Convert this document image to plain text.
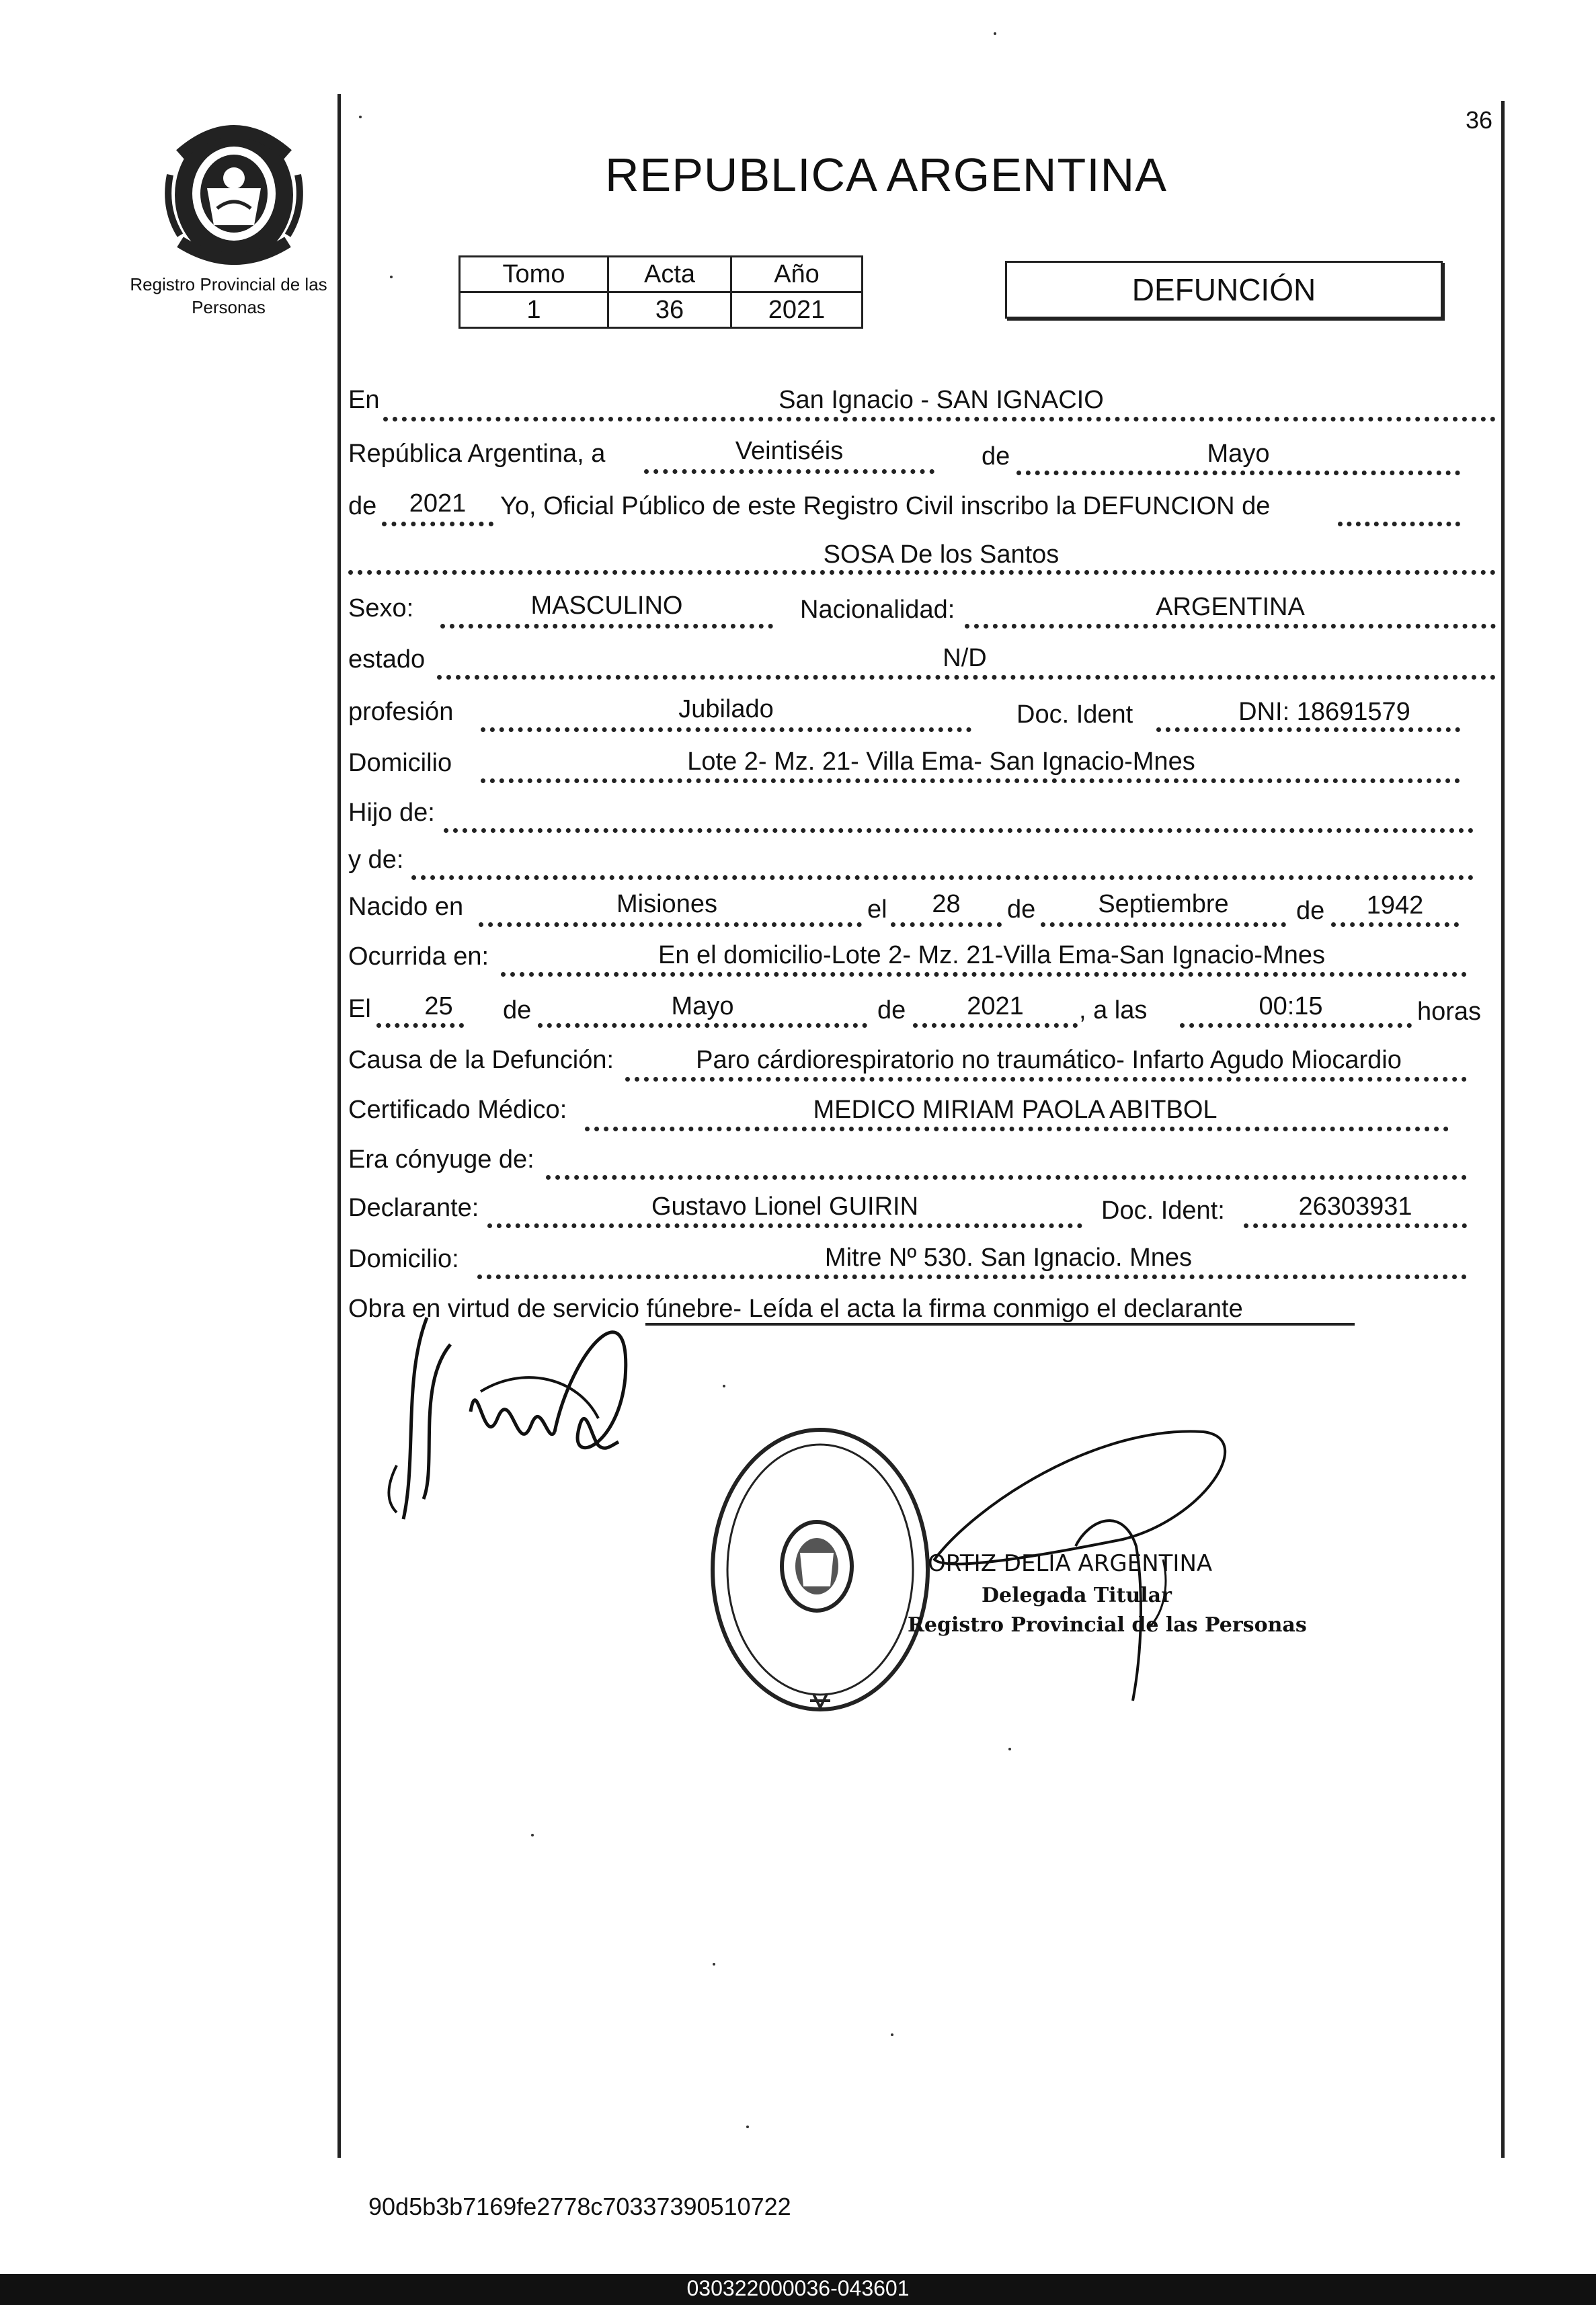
Registro Provincial de las Personas
36
REPUBLICA ARGENTINA
Tomo	Acta	Año
1	36	2021
DEFUNCIÓN
En	San Ignacio - SAN IGNACIO
República Argentina, a	Veintiséis	de	Mayo
de	2021	Yo, Oficial Público de este Registro Civil inscribo la DEFUNCION de
SOSA De los Santos
Sexo:	MASCULINO	Nacionalidad:	ARGENTINA
estado	N/D
profesión	Jubilado	Doc. Ident	DNI: 18691579
Domicilio	Lote 2- Mz. 21- Villa Ema- San Ignacio-Mnes
Hijo de:
y de:
Nacido en	Misiones	el	28	de	Septiembre	de	1942
Ocurrida en:	En el domicilio-Lote 2- Mz. 21-Villa Ema-San Ignacio-Mnes
El	25	de	Mayo	de	2021	, a las	00:15	horas
Causa de la Defunción:	Paro cárdiorespiratorio no traumático- Infarto Agudo Miocardio
Certificado Médico:	MEDICO MIRIAM PAOLA ABITBOL
Era cónyuge de:
Declarante:	Gustavo Lionel GUIRIN	Doc. Ident:	26303931
Domicilio:	Mitre Nº 530. San Ignacio. Mnes
Obra en virtud de servicio fúnebre- Leída el acta la firma conmigo el declarante
ORTIZ DELIA ARGENTINA
Delegada Titular
Registro Provincial de las Personas
90d5b3b7169fe2778c70337390510722
030322000036-043601
